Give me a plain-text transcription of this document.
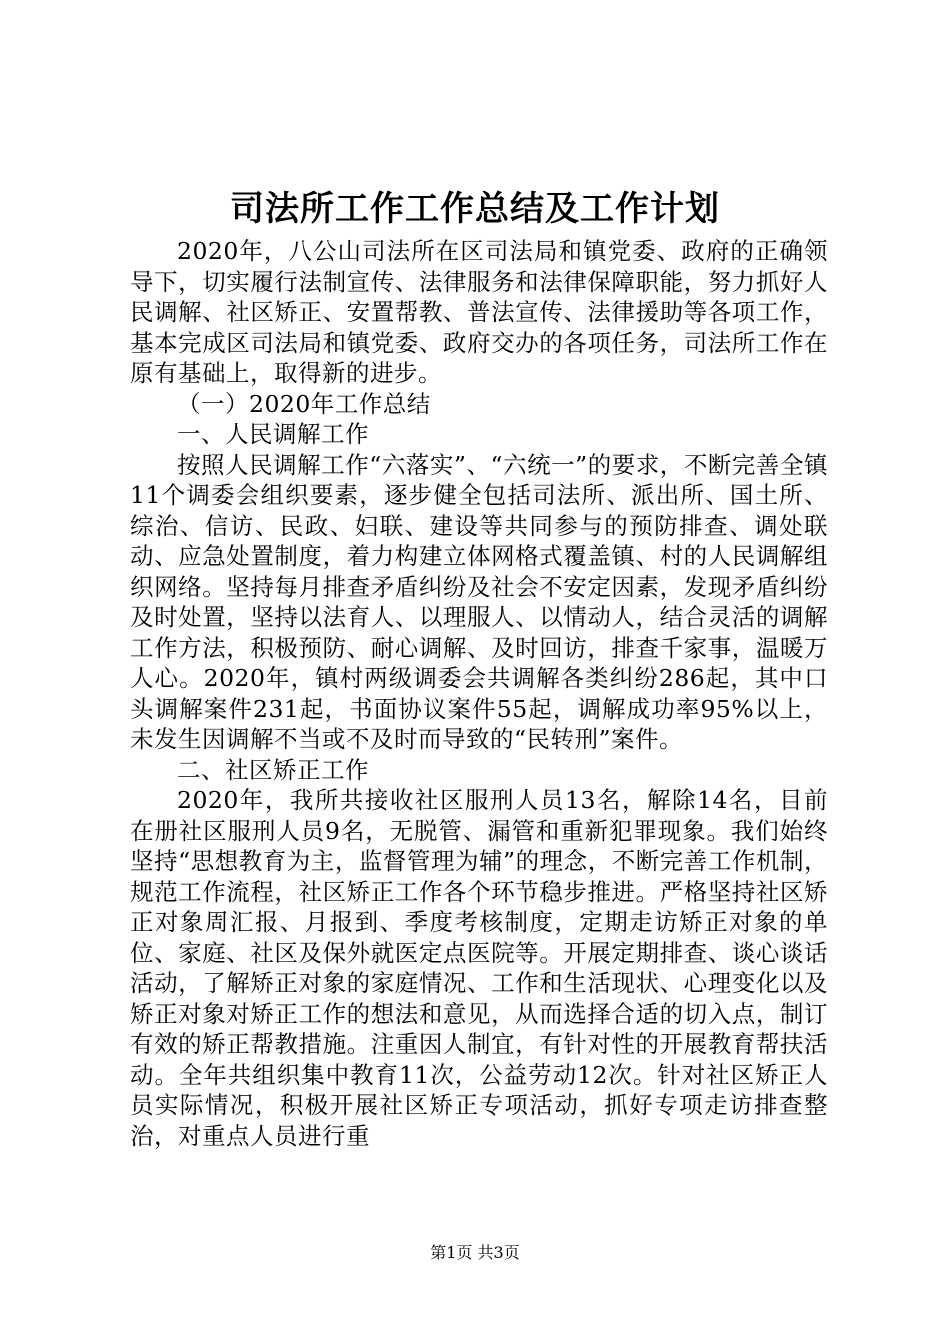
司法所工作工作总结及工作计划

2020年，八公山司法所在区司法局和镇党委、政府的正确领导下，切实履行法制宣传、法律服务和法律保障职能，努力抓好人民调解、社区矫正、安置帮教、普法宣传、法律援助等各项工作，基本完成区司法局和镇党委、政府交办的各项任务，司法所工作在原有基础上，取得新的进步。

（一）2020年工作总结

一、人民调解工作

按照人民调解工作“六落实”、“六统一”的要求，不断完善全镇11个调委会组织要素，逐步健全包括司法所、派出所、国土所、综治、信访、民政、妇联、建设等共同参与的预防排查、调处联动、应急处置制度，着力构建立体网格式覆盖镇、村的人民调解组织网络。坚持每月排查矛盾纠纷及社会不安定因素，发现矛盾纠纷及时处置，坚持以法育人、以理服人、以情动人，结合灵活的调解工作方法，积极预防、耐心调解、及时回访，排查千家事，温暖万人心。2020年，镇村两级调委会共调解各类纠纷286起，其中口头调解案件231起，书面协议案件55起，调解成功率95%以上，未发生因调解不当或不及时而导致的“民转刑”案件。

二、社区矫正工作

2020年，我所共接收社区服刑人员13名，解除14名，目前在册社区服刑人员9名，无脱管、漏管和重新犯罪现象。我们始终坚持“思想教育为主，监督管理为辅”的理念，不断完善工作机制，规范工作流程，社区矫正工作各个环节稳步推进。严格坚持社区矫正对象周汇报、月报到、季度考核制度，定期走访矫正对象的单位、家庭、社区及保外就医定点医院等。开展定期排查、谈心谈话活动，了解矫正对象的家庭情况、工作和生活现状、心理变化以及矫正对象对矫正工作的想法和意见，从而选择合适的切入点，制订有效的矫正帮教措施。注重因人制宜，有针对性的开展教育帮扶活动。全年共组织集中教育11次，公益劳动12次。针对社区矫正人员实际情况，积极开展社区矫正专项活动，抓好专项走访排查整治，对重点人员进行重

第1页 共3页
